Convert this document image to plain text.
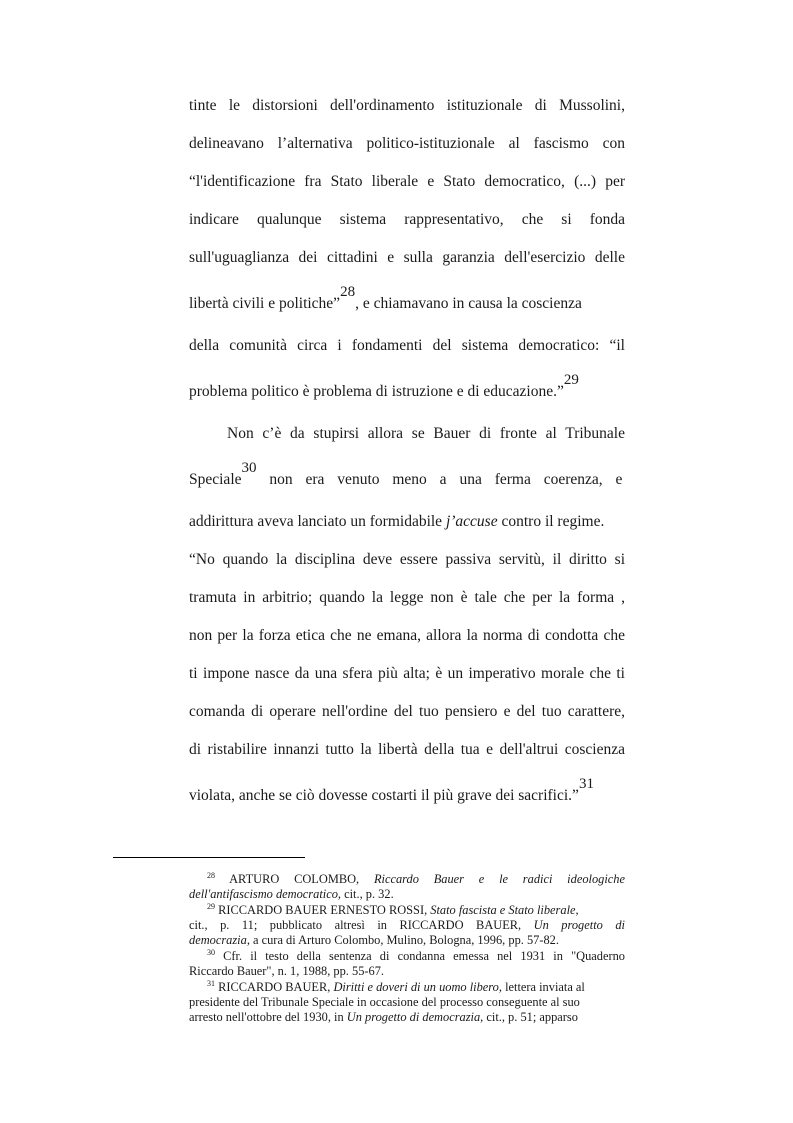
tinte le distorsioni dell'ordinamento istituzionale di Mussolini,
delineavano l’alternativa politico-istituzionale al fascismo con
“l'identificazione fra Stato liberale e Stato democratico, (...) per
indicare qualunque sistema rappresentativo, che si fonda
sull'uguaglianza dei cittadini e sulla garanzia dell'esercizio delle
libertà civili e politiche”28, e chiamavano in causa la coscienza
della comunità circa i fondamenti del sistema democratico: “il
problema politico è problema di istruzione e di educazione.”29
Non c’è da stupirsi allora se Bauer di fronte al Tribunale
Speciale30 non era venuto meno a una ferma coerenza, e
addirittura aveva lanciato un formidabile j’accuse contro il regime.
“No quando la disciplina deve essere passiva servitù, il diritto si
tramuta in arbitrio; quando la legge non è tale che per la forma ,
non per la forza etica che ne emana, allora la norma di condotta che
ti impone nasce da una sfera più alta; è un imperativo morale che ti
comanda di operare nell'ordine del tuo pensiero e del tuo carattere,
di ristabilire innanzi tutto la libertà della tua e dell'altrui coscienza
violata, anche se ciò dovesse costarti il più grave dei sacrifici.”31
$^{28}$ ARTURO COLOMBO, Riccardo Bauer e le radici ideologiche
dell'antifascismo democratico, cit., p. 32.
$^{29}$ RICCARDO BAUER ERNESTO ROSSI, Stato fascista e Stato liberale,
cit., p. 11; pubblicato altresì in RICCARDO BAUER, Un progetto di
democrazia, a cura di Arturo Colombo, Mulino, Bologna, 1996, pp. 57-82.
$^{30}$ Cfr. il testo della sentenza di condanna emessa nel 1931 in "Quaderno
Riccardo Bauer", n. 1, 1988, pp. 55-67.
$^{31}$ RICCARDO BAUER, Diritti e doveri di un uomo libero, lettera inviata al
presidente del Tribunale Speciale in occasione del processo conseguente al suo
arresto nell'ottobre del 1930, in Un progetto di democrazia, cit., p. 51; apparso
